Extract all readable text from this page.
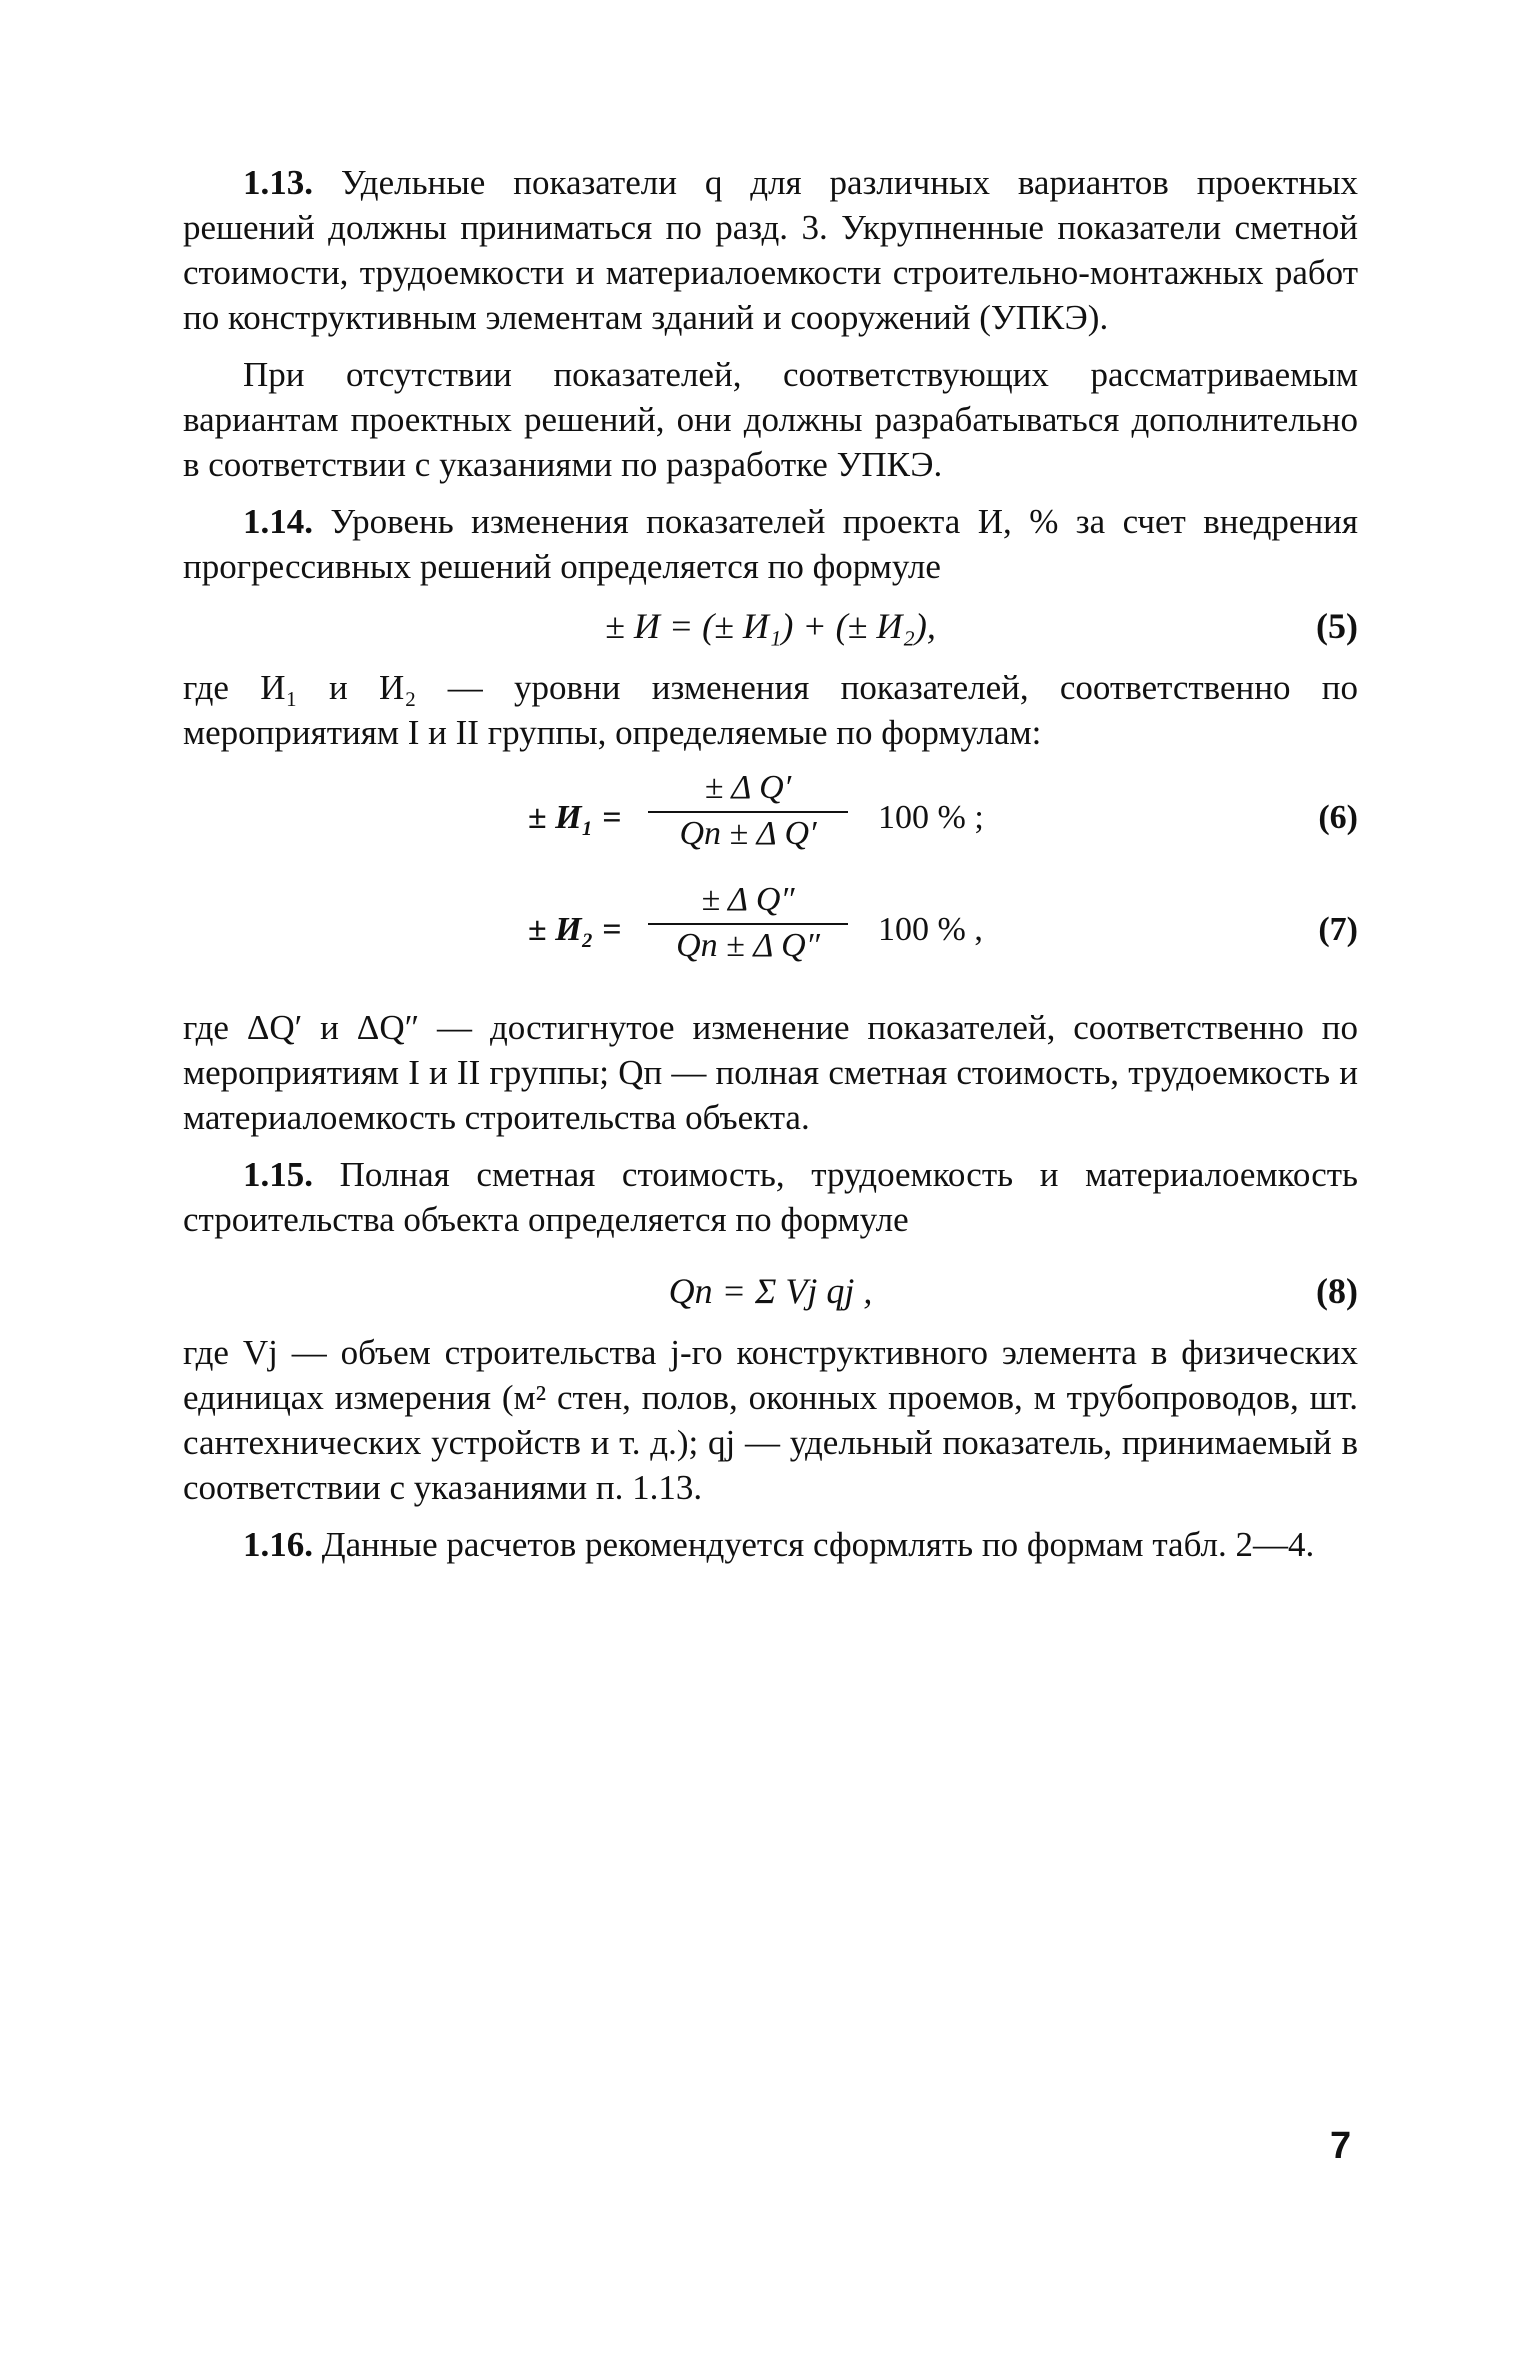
1.13. Удельные показатели q для различных вариантов проектных решений должны приниматься по разд. 3. Укрупненные показатели сметной стоимости, трудоемкости и материалоемкости строительно-монтажных работ по конструктивным элементам зданий и сооружений (УПКЭ).

При отсутствии показателей, соответствующих рассматриваемым вариантам проектных решений, они должны разрабатываться дополнительно в соответствии с указаниями по разработке УПКЭ.

1.14. Уровень изменения показателей проекта И, % за счет внедрения прогрессивных решений определяется по формуле

± И = (± И₁) + (± И₂),	(5)

где И₁ и И₂ — уровни изменения показателей, соответственно по мероприятиям I и II группы, определяемые по формулам:

± И₁ =
± Δ Q′
Qп ± Δ Q′	100 % ;	(6)
± И₂ =
± Δ Q″
Qп ± Δ Q″	100 % ,	(7)

где ΔQ′ и ΔQ″ — достигнутое изменение показателей, соответственно по мероприятиям I и II группы; Qп — полная сметная стоимость, трудоемкость и материалоемкость строительства объекта.

1.15. Полная сметная стоимость, трудоемкость и материалоемкость строительства объекта определяется по формуле

Qп = Σ Vj qj ,	(8)

где Vj — объем строительства j-го конструктивного элемента в физических единицах измерения (м² стен, полов, оконных проемов, м трубопроводов, шт. сантехнических устройств и т. д.); qj — удельный показатель, принимаемый в соответствии с указаниями п. 1.13.

1.16. Данные расчетов рекомендуется сформлять по формам табл. 2—4.

7
